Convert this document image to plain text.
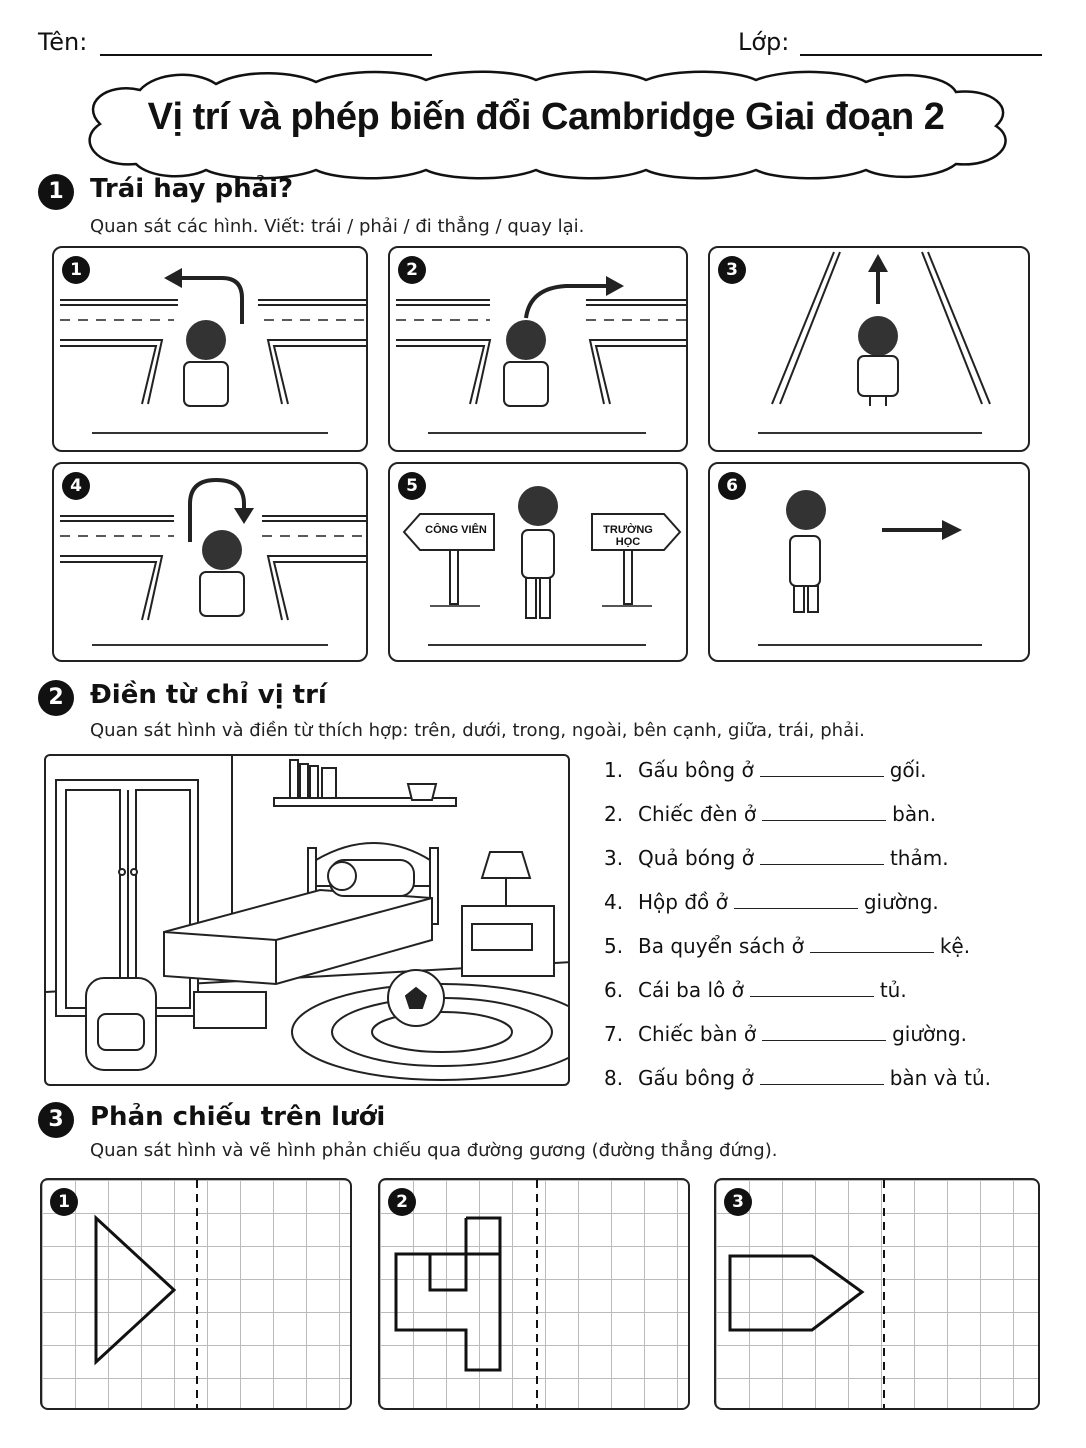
Tên:	Lớp:
Vị trí và phép biến đổi Cambridge Giai đoạn 2
1	Trái hay phải?
Quan sát các hình. Viết: trái / phải / đi thẳng / quay lại.
1	2	3
4	5
CÔNG VIÊN	TRƯỜNG HỌC
6
2	Điền từ chỉ vị trí
Quan sát hình và điền từ thích hợp: trên, dưới, trong, ngoài, bên cạnh, giữa, trái, phải.
1. Gấu bông ở	gối.
2. Chiếc đèn ở	bàn.
3. Quả bóng ở	thảm.
4. Hộp đồ ở	giường.
5. Ba quyển sách ở	kệ.
6. Cái ba lô ở	tủ.
7. Chiếc bàn ở	giường.
8. Gấu bông ở	bàn và tủ.
3	Phản chiếu trên lưới
Quan sát hình và vẽ hình phản chiếu qua đường gương (đường thẳng đứng).
1	2	3
